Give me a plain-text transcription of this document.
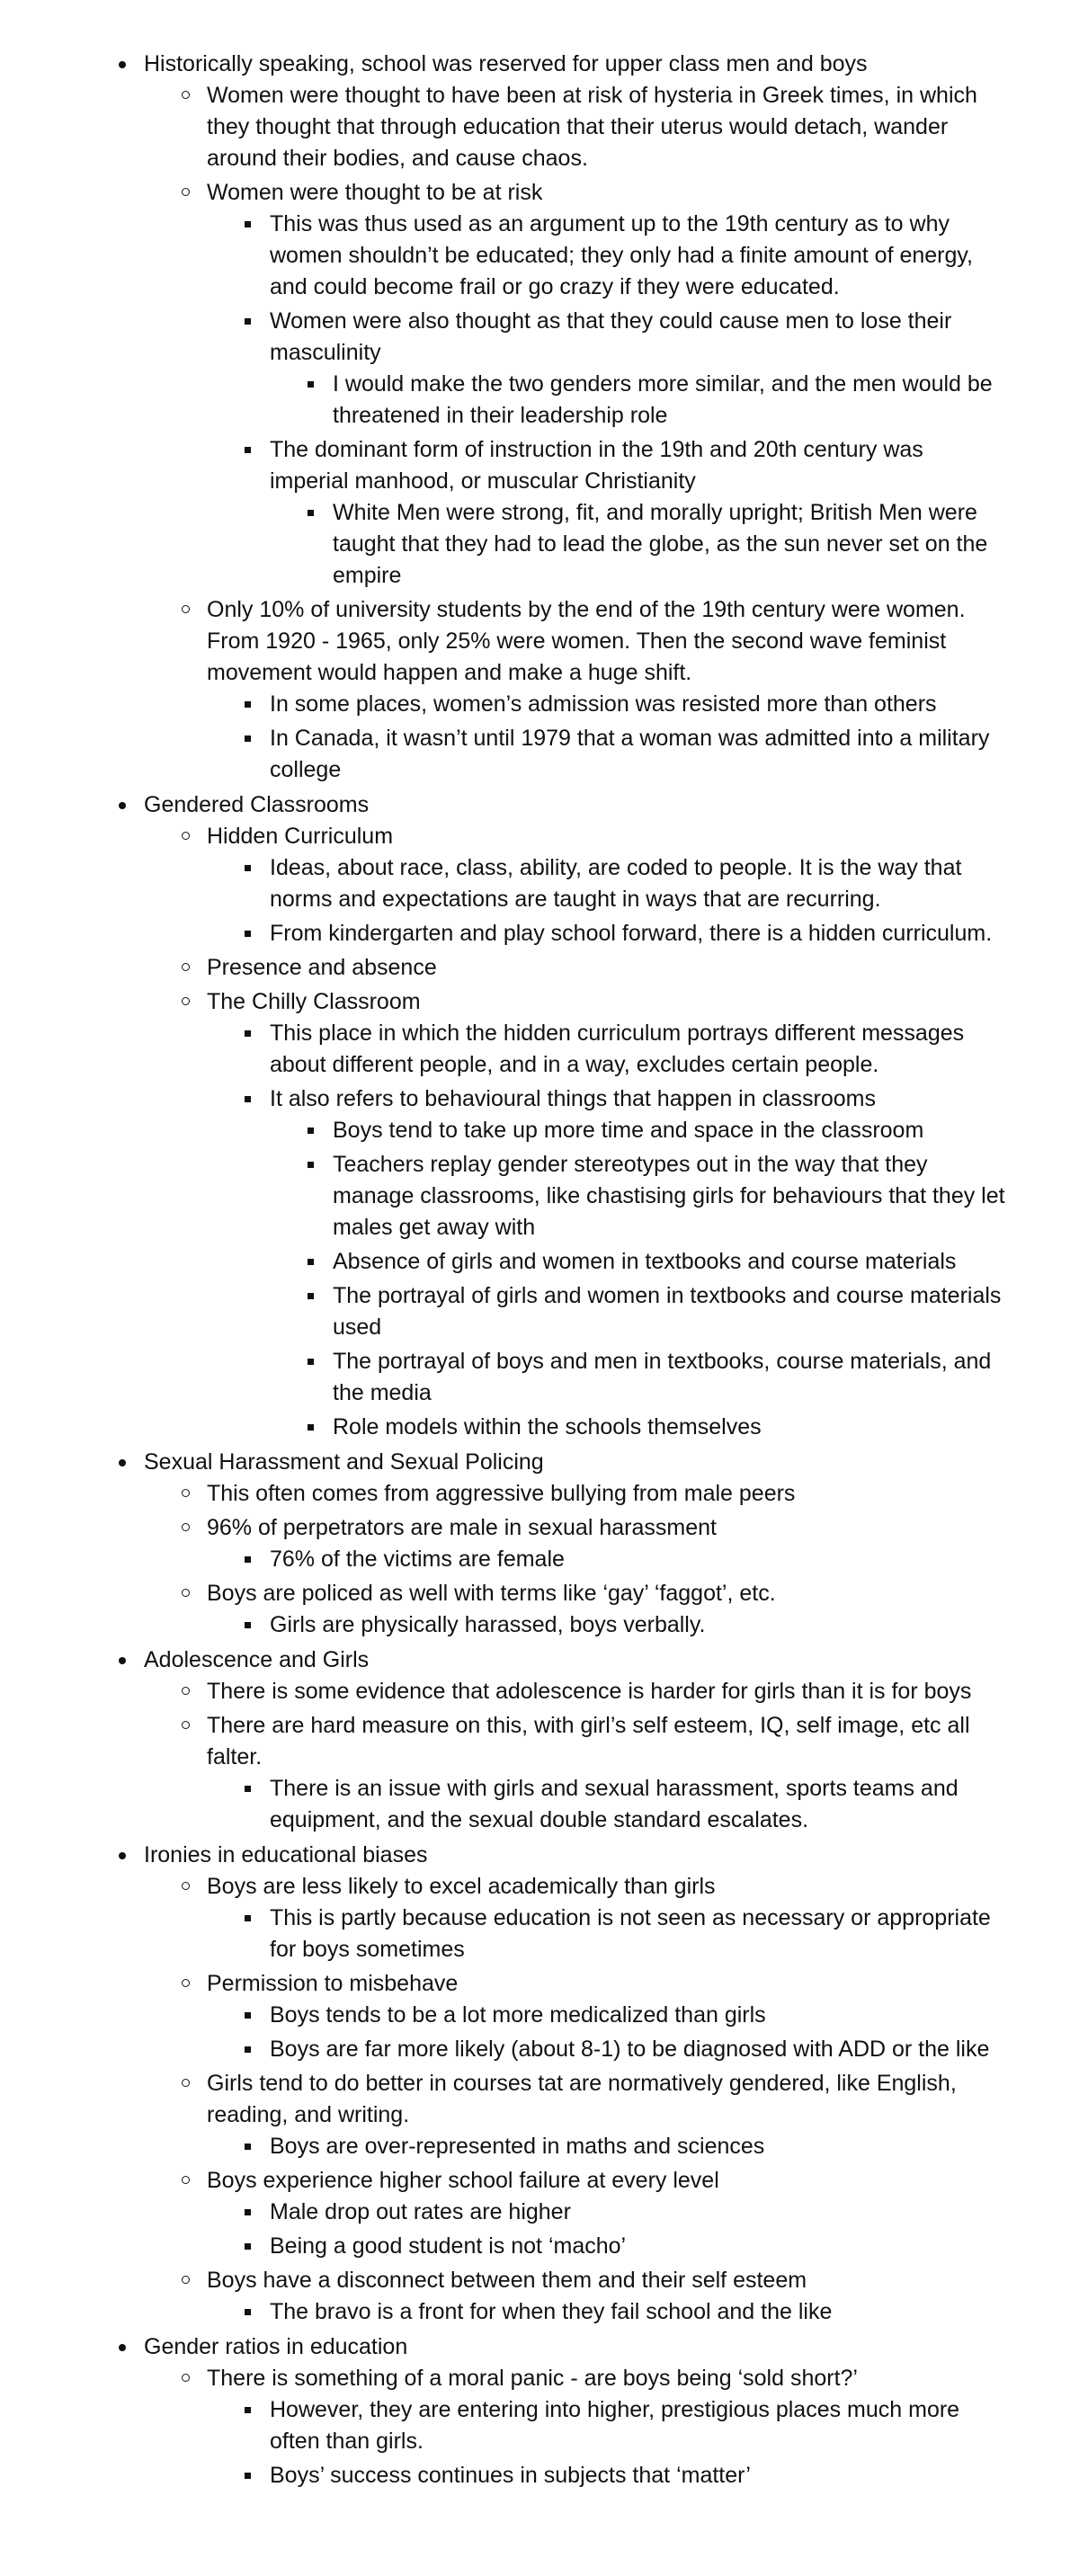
Historically speaking, school was reserved for upper class men and boys
Women were thought to have been at risk of hysteria in Greek times, in which they thought that through education that their uterus would detach, wander around their bodies, and cause chaos.
Women were thought to be at risk
This was thus used as an argument up to the 19th century as to why women shouldn’t be educated; they only had a finite amount of energy, and could become frail or go crazy if they were educated.
Women were also thought as that they could cause men to lose their masculinity
I would make the two genders more similar, and the men would be threatened in their leadership role
The dominant form of instruction in the 19th and 20th century was imperial manhood, or muscular Christianity
White Men were strong, fit, and morally upright; British Men were taught that they had to lead the globe, as the sun never set on the empire
Only 10% of university students by the end of the 19th century were women. From 1920 - 1965, only 25% were women. Then the second wave feminist movement would happen and make a huge shift.
In some places, women’s admission was resisted more than others
In Canada, it wasn’t until 1979 that a woman was admitted into a military college
Gendered Classrooms
Hidden Curriculum
Ideas, about race, class, ability, are coded to people. It is the way that norms and expectations are taught in ways that are recurring.
From kindergarten and play school forward, there is a hidden curriculum.
Presence and absence
The Chilly Classroom
This place in which the hidden curriculum portrays different messages about different people, and in a way, excludes certain people.
It also refers to behavioural things that happen in classrooms
Boys tend to take up more time and space in the classroom
Teachers replay gender stereotypes out in the way that they manage classrooms, like chastising girls for behaviours that they let males get away with
Absence of girls and women in textbooks and course materials
The portrayal of girls and women in textbooks and course materials used
The portrayal of boys and men in textbooks, course materials, and the media
Role models within the schools themselves
Sexual Harassment and Sexual Policing
This often comes from aggressive bullying from male peers
96% of perpetrators are male in sexual harassment
76% of the victims are female
Boys are policed as well with terms like ‘gay’ ‘faggot’, etc.
Girls are physically harassed, boys verbally.
Adolescence and Girls
There is some evidence that adolescence is harder for girls than it is for boys
There are hard measure on this, with girl’s self esteem, IQ, self image, etc all falter.
There is an issue with girls and sexual harassment, sports teams and equipment, and the sexual double standard escalates.
Ironies in educational biases
Boys are less likely to excel academically than girls
This is partly because education is not seen as necessary or appropriate for boys sometimes
Permission to misbehave
Boys tends to be a lot more medicalized than girls
Boys are far more likely (about 8-1) to be diagnosed with ADD or the like
Girls tend to do better in courses tat are normatively gendered, like English, reading, and writing.
Boys are over-represented in maths and sciences
Boys experience higher school failure at every level
Male drop out rates are higher
Being a good student is not ‘macho’
Boys have a disconnect between them and their self esteem
The bravo is a front for when they fail school and the like
Gender ratios in education
There is something of a moral panic - are boys being ‘sold short?’
However, they are entering into higher, prestigious places much more often than girls.
Boys’ success continues in subjects that ‘matter’
